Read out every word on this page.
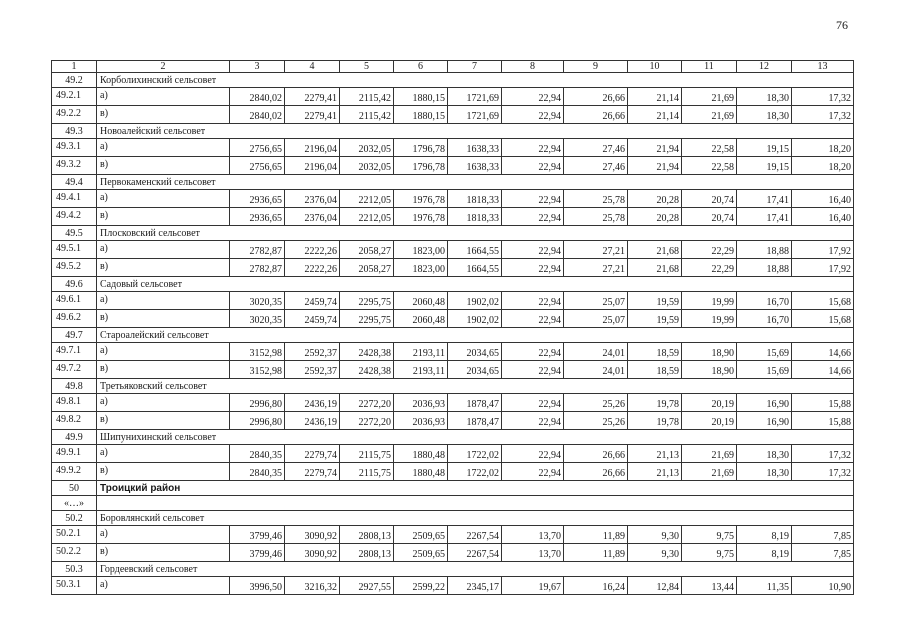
76
1	2	3	4	5	6	7	8	9	10	11	12	13
49.2	Корболихинский сельсовет											
49.2.1	а)	2840,02	2279,41	2115,42	1880,15	1721,69	22,94	26,66	21,14	21,69	18,30	17,32
49.2.2	в)	2840,02	2279,41	2115,42	1880,15	1721,69	22,94	26,66	21,14	21,69	18,30	17,32
49.3	Новоалейский сельсовет											
49.3.1	а)	2756,65	2196,04	2032,05	1796,78	1638,33	22,94	27,46	21,94	22,58	19,15	18,20
49.3.2	в)	2756,65	2196,04	2032,05	1796,78	1638,33	22,94	27,46	21,94	22,58	19,15	18,20
49.4	Первокаменский сельсовет											
49.4.1	а)	2936,65	2376,04	2212,05	1976,78	1818,33	22,94	25,78	20,28	20,74	17,41	16,40
49.4.2	в)	2936,65	2376,04	2212,05	1976,78	1818,33	22,94	25,78	20,28	20,74	17,41	16,40
49.5	Плосковский сельсовет											
49.5.1	а)	2782,87	2222,26	2058,27	1823,00	1664,55	22,94	27,21	21,68	22,29	18,88	17,92
49.5.2	в)	2782,87	2222,26	2058,27	1823,00	1664,55	22,94	27,21	21,68	22,29	18,88	17,92
49.6	Садовый сельсовет											
49.6.1	а)	3020,35	2459,74	2295,75	2060,48	1902,02	22,94	25,07	19,59	19,99	16,70	15,68
49.6.2	в)	3020,35	2459,74	2295,75	2060,48	1902,02	22,94	25,07	19,59	19,99	16,70	15,68
49.7	Староалейский сельсовет											
49.7.1	а)	3152,98	2592,37	2428,38	2193,11	2034,65	22,94	24,01	18,59	18,90	15,69	14,66
49.7.2	в)	3152,98	2592,37	2428,38	2193,11	2034,65	22,94	24,01	18,59	18,90	15,69	14,66
49.8	Третьяковский сельсовет											
49.8.1	а)	2996,80	2436,19	2272,20	2036,93	1878,47	22,94	25,26	19,78	20,19	16,90	15,88
49.8.2	в)	2996,80	2436,19	2272,20	2036,93	1878,47	22,94	25,26	19,78	20,19	16,90	15,88
49.9	Шипунихинский сельсовет											
49.9.1	а)	2840,35	2279,74	2115,75	1880,48	1722,02	22,94	26,66	21,13	21,69	18,30	17,32
49.9.2	в)	2840,35	2279,74	2115,75	1880,48	1722,02	22,94	26,66	21,13	21,69	18,30	17,32
50	Троицкий район											
«…»												
50.2	Боровлянский сельсовет											
50.2.1	а)	3799,46	3090,92	2808,13	2509,65	2267,54	13,70	11,89	9,30	9,75	8,19	7,85
50.2.2	в)	3799,46	3090,92	2808,13	2509,65	2267,54	13,70	11,89	9,30	9,75	8,19	7,85
50.3	Гордеевский сельсовет											
50.3.1	а)	3996,50	3216,32	2927,55	2599,22	2345,17	19,67	16,24	12,84	13,44	11,35	10,90
